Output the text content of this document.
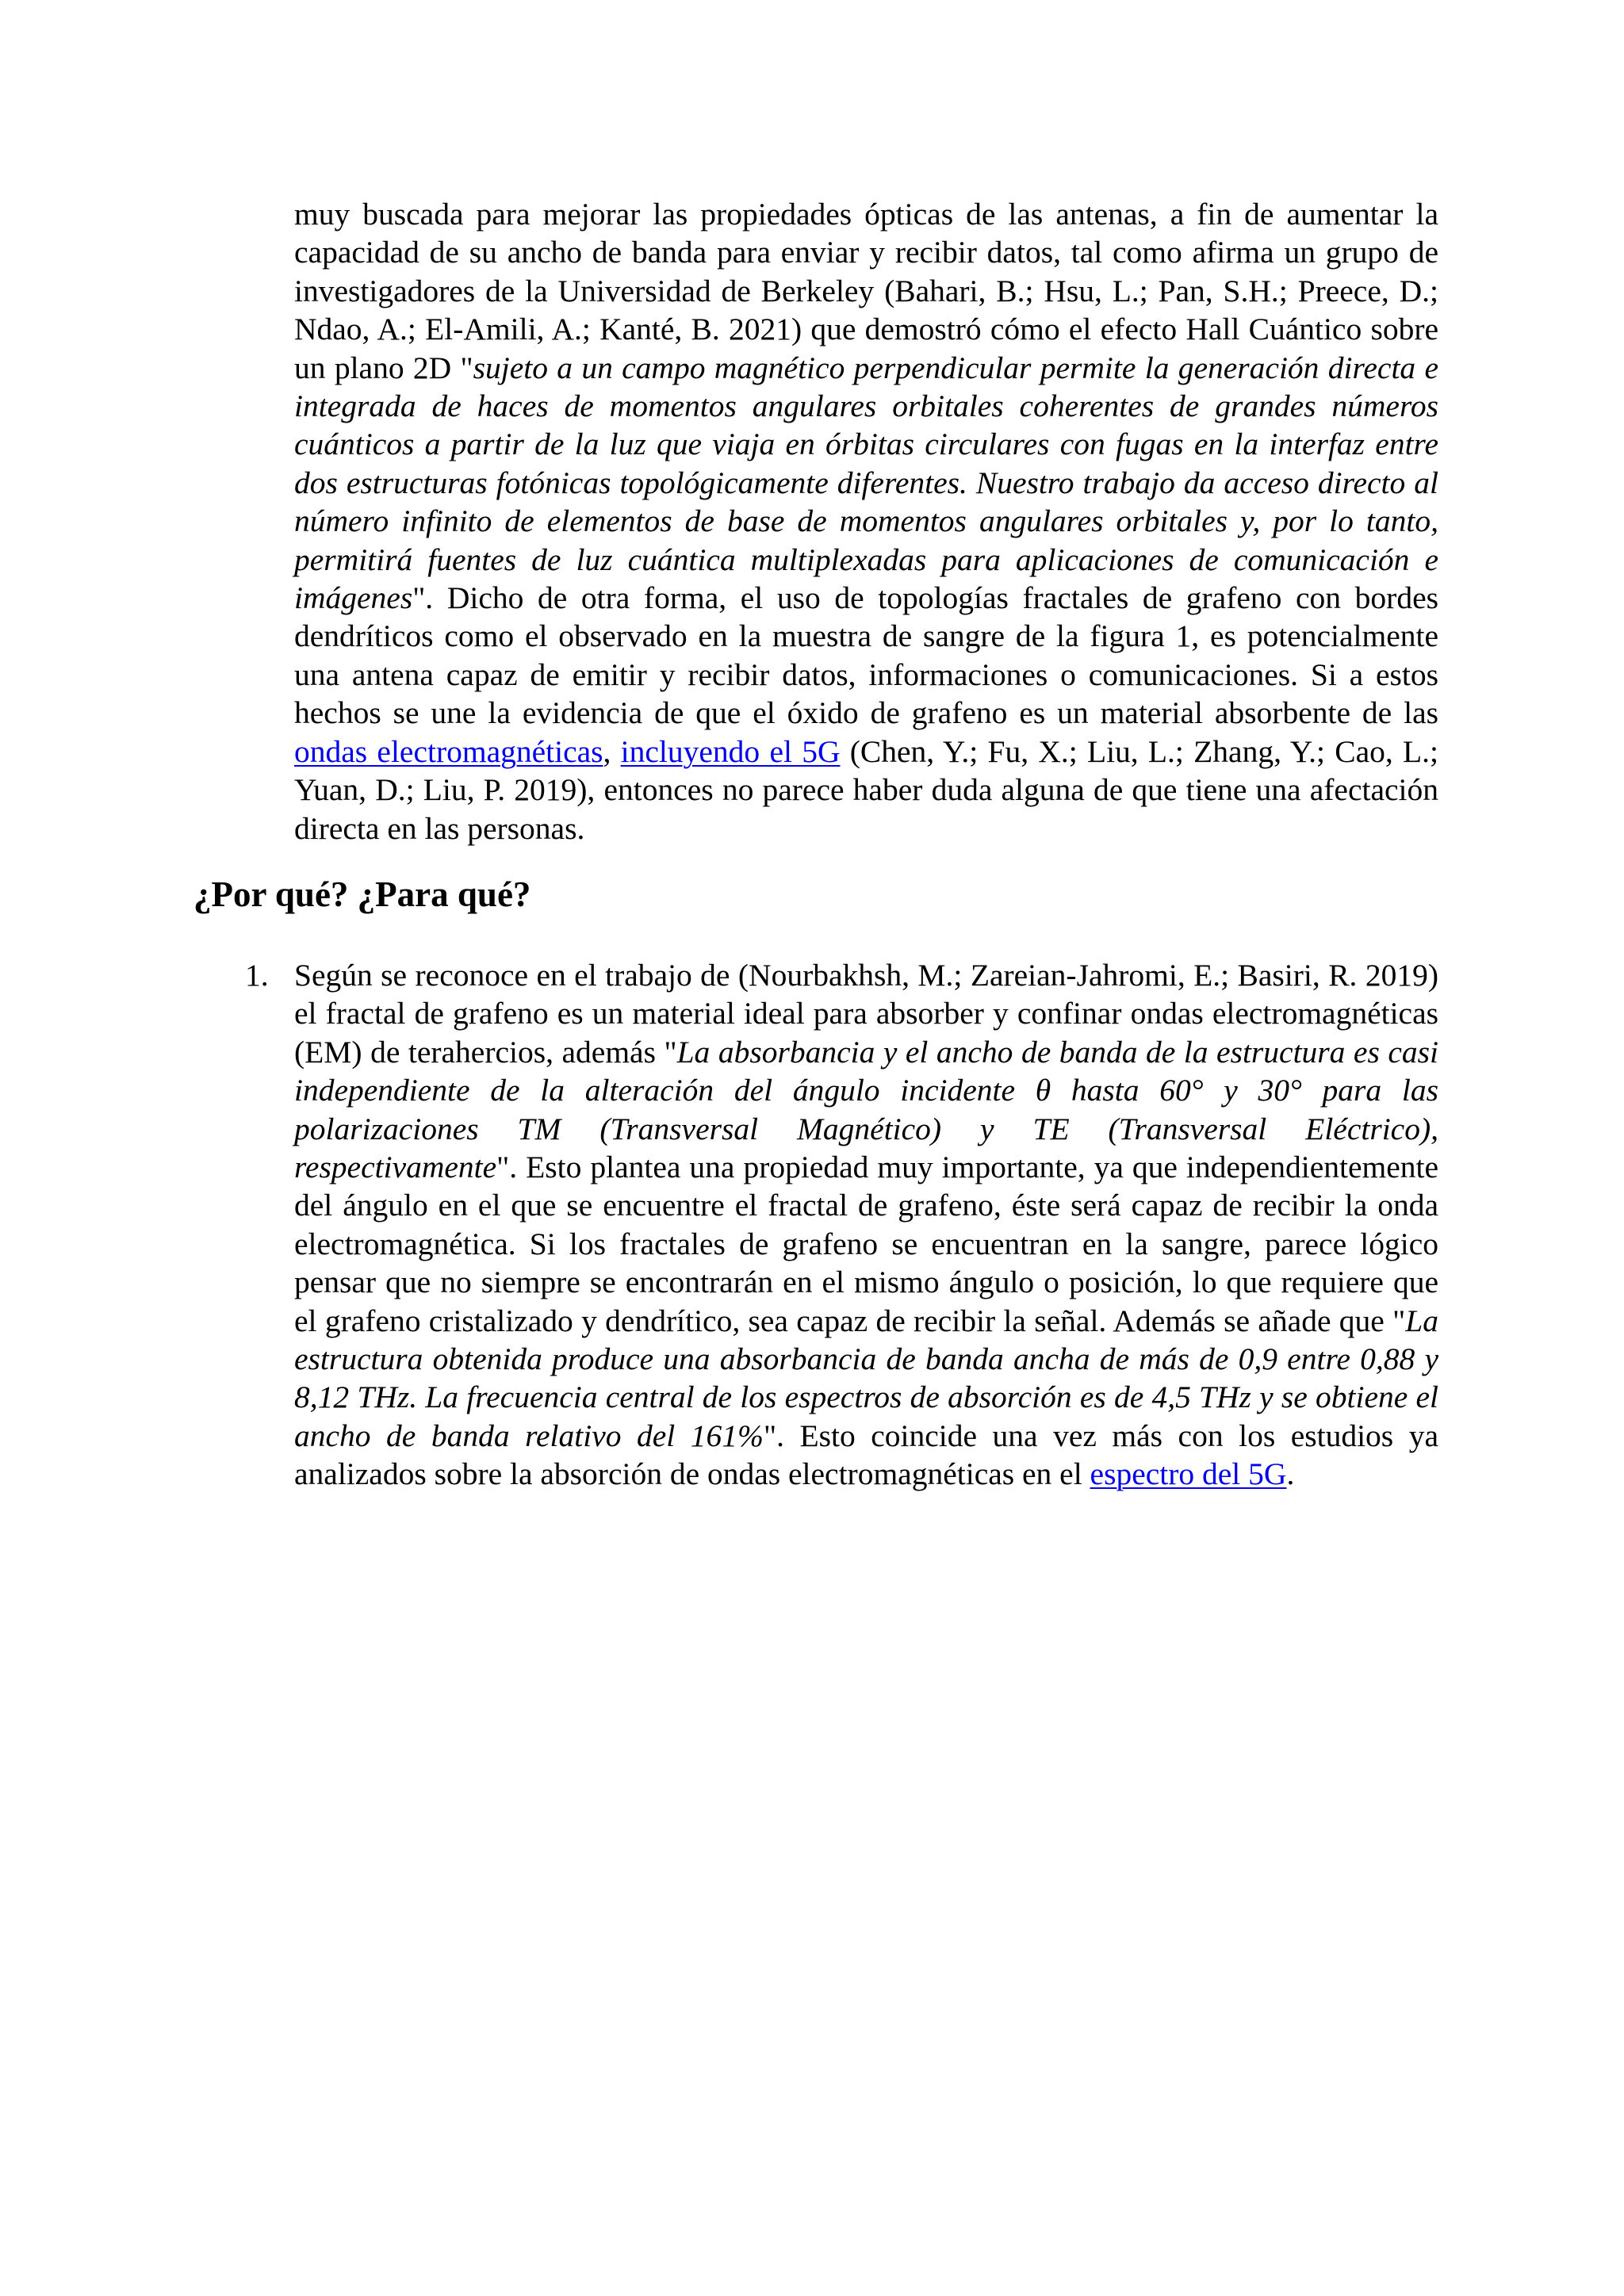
muy buscada para mejorar las propiedades ópticas de las antenas, a fin de aumentar la capacidad de su ancho de banda para enviar y recibir datos, tal como afirma un grupo de investigadores de la Universidad de Berkeley (Bahari, B.; Hsu, L.; Pan, S.H.; Preece, D.; Ndao, A.; El-Amili, A.; Kanté, B. 2021) que demostró cómo el efecto Hall Cuántico sobre un plano 2D "sujeto a un campo magnético perpendicular permite la generación directa e integrada de haces de momentos angulares orbitales coherentes de grandes números cuánticos a partir de la luz que viaja en órbitas circulares con fugas en la interfaz entre dos estructuras fotónicas topológicamente diferentes. Nuestro trabajo da acceso directo al número infinito de elementos de base de momentos angulares orbitales y, por lo tanto, permitirá fuentes de luz cuántica multiplexadas para aplicaciones de comunicación e imágenes". Dicho de otra forma, el uso de topologías fractales de grafeno con bordes dendríticos como el observado en la muestra de sangre de la figura 1, es potencialmente una antena capaz de emitir y recibir datos, informaciones o comunicaciones. Si a estos hechos se une la evidencia de que el óxido de grafeno es un material absorbente de las ondas electromagnéticas, incluyendo el 5G (Chen, Y.; Fu, X.; Liu, L.; Zhang, Y.; Cao, L.; Yuan, D.; Liu, P. 2019), entonces no parece haber duda alguna de que tiene una afectación directa en las personas.

¿Por qué? ¿Para qué?
1. Según se reconoce en el trabajo de (Nourbakhsh, M.; Zareian-Jahromi, E.; Basiri, R. 2019) el fractal de grafeno es un material ideal para absorber y confinar ondas electromagnéticas (EM) de terahercios, además "La absorbancia y el ancho de banda de la estructura es casi independiente de la alteración del ángulo incidente θ hasta 60° y 30° para las polarizaciones TM (Transversal Magnético) y TE (Transversal Eléctrico), respectivamente". Esto plantea una propiedad muy importante, ya que independientemente del ángulo en el que se encuentre el fractal de grafeno, éste será capaz de recibir la onda electromagnética. Si los fractales de grafeno se encuentran en la sangre, parece lógico pensar que no siempre se encontrarán en el mismo ángulo o posición, lo que requiere que el grafeno cristalizado y dendrítico, sea capaz de recibir la señal. Además se añade que "La estructura obtenida produce una absorbancia de banda ancha de más de 0,9 entre 0,88 y 8,12 THz. La frecuencia central de los espectros de absorción es de 4,5 THz y se obtiene el ancho de banda relativo del 161%". Esto coincide una vez más con los estudios ya analizados sobre la absorción de ondas electromagnéticas en el espectro del 5G.
